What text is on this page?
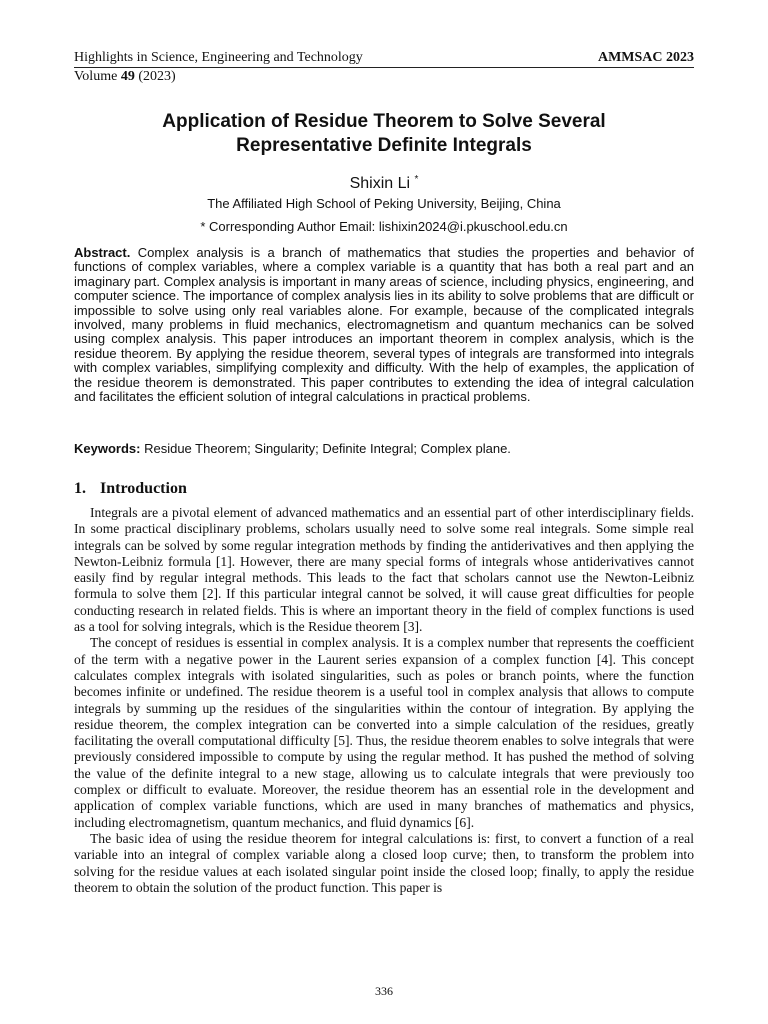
Highlights in Science, Engineering and Technology	AMMSAC 2023
Volume 49 (2023)
Application of Residue Theorem to Solve Several
Representative Definite Integrals
Shixin Li *
The Affiliated High School of Peking University, Beijing, China
* Corresponding Author Email: lishixin2024@i.pkuschool.edu.cn
Abstract. Complex analysis is a branch of mathematics that studies the properties and behavior of functions of complex variables, where a complex variable is a quantity that has both a real part and an imaginary part. Complex analysis is important in many areas of science, including physics, engineering, and computer science. The importance of complex analysis lies in its ability to solve problems that are difficult or impossible to solve using only real variables alone. For example, because of the complicated integrals involved, many problems in fluid mechanics, electromagnetism and quantum mechanics can be solved using complex analysis. This paper introduces an important theorem in complex analysis, which is the residue theorem. By applying the residue theorem, several types of integrals are transformed into integrals with complex variables, simplifying complexity and difficulty. With the help of examples, the application of the residue theorem is demonstrated. This paper contributes to extending the idea of integral calculation and facilitates the efficient solution of integral calculations in practical problems.
Keywords: Residue Theorem; Singularity; Definite Integral; Complex plane.
1. Introduction

Integrals are a pivotal element of advanced mathematics and an essential part of other interdisciplinary fields. In some practical disciplinary problems, scholars usually need to solve some real integrals. Some simple real integrals can be solved by some regular integration methods by finding the antiderivatives and then applying the Newton-Leibniz formula [1]. However, there are many special forms of integrals whose antiderivatives cannot easily find by regular integral methods. This leads to the fact that scholars cannot use the Newton-Leibniz formula to solve them [2]. If this particular integral cannot be solved, it will cause great difficulties for people conducting research in related fields. This is where an important theory in the field of complex functions is used as a tool for solving integrals, which is the Residue theorem [3].

The concept of residues is essential in complex analysis. It is a complex number that represents the coefficient of the term with a negative power in the Laurent series expansion of a complex function [4]. This concept calculates complex integrals with isolated singularities, such as poles or branch points, where the function becomes infinite or undefined. The residue theorem is a useful tool in complex analysis that allows to compute integrals by summing up the residues of the singularities within the contour of integration. By applying the residue theorem, the complex integration can be converted into a simple calculation of the residues, greatly facilitating the overall computational difficulty [5]. Thus, the residue theorem enables to solve integrals that were previously considered impossible to compute by using the regular method. It has pushed the method of solving the value of the definite integral to a new stage, allowing us to calculate integrals that were previously too complex or difficult to evaluate. Moreover, the residue theorem has an essential role in the development and application of complex variable functions, which are used in many branches of mathematics and physics, including electromagnetism, quantum mechanics, and fluid dynamics [6].

The basic idea of using the residue theorem for integral calculations is: first, to convert a function of a real variable into an integral of complex variable along a closed loop curve; then, to transform the problem into solving for the residue values at each isolated singular point inside the closed loop; finally, to apply the residue theorem to obtain the solution of the product function. This paper is

336
